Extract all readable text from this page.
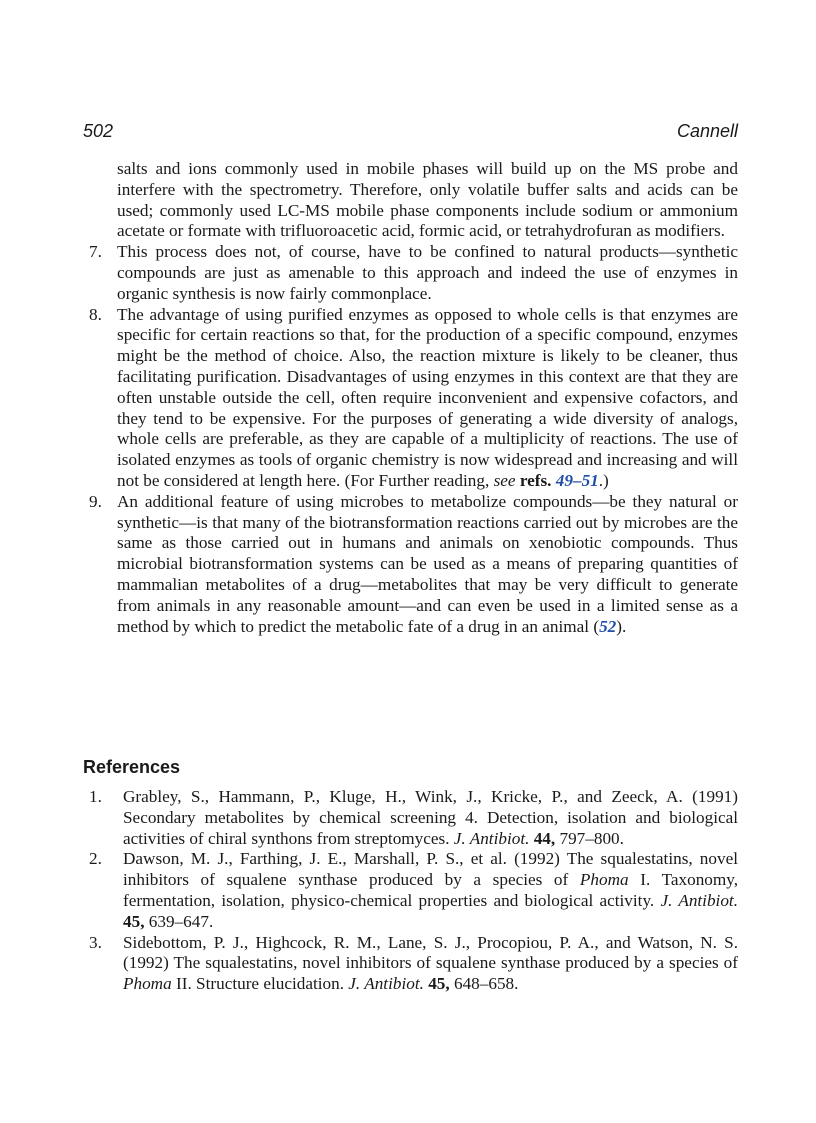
502	Cannell
salts and ions commonly used in mobile phases will build up on the MS probe and interfere with the spectrometry. Therefore, only volatile buffer salts and acids can be used; commonly used LC-MS mobile phase components include sodium or ammonium acetate or formate with trifluoroacetic acid, formic acid, or tetrahydrofuran as modifiers.
7. This process does not, of course, have to be confined to natural products—synthetic compounds are just as amenable to this approach and indeed the use of enzymes in organic synthesis is now fairly commonplace.
8. The advantage of using purified enzymes as opposed to whole cells is that enzymes are specific for certain reactions so that, for the production of a specific compound, enzymes might be the method of choice. Also, the reaction mixture is likely to be cleaner, thus facilitating purification. Disadvantages of using enzymes in this context are that they are often unstable outside the cell, often require inconvenient and expensive cofactors, and they tend to be expensive. For the purposes of generating a wide diversity of analogs, whole cells are preferable, as they are capable of a multiplicity of reactions. The use of isolated enzymes as tools of organic chemistry is now widespread and increasing and will not be considered at length here. (For Further reading, see refs. 49–51.)
9. An additional feature of using microbes to metabolize compounds—be they natural or synthetic—is that many of the biotransformation reactions carried out by microbes are the same as those carried out in humans and animals on xenobiotic compounds. Thus microbial biotransformation systems can be used as a means of preparing quantities of mammalian metabolites of a drug—metabolites that may be very difficult to generate from animals in any reasonable amount—and can even be used in a limited sense as a method by which to predict the metabolic fate of a drug in an animal (52).
References
1. Grabley, S., Hammann, P., Kluge, H., Wink, J., Kricke, P., and Zeeck, A. (1991) Secondary metabolites by chemical screening 4. Detection, isolation and biological activities of chiral synthons from streptomyces. J. Antibiot. 44, 797–800.
2. Dawson, M. J., Farthing, J. E., Marshall, P. S., et al. (1992) The squalestatins, novel inhibitors of squalene synthase produced by a species of Phoma I. Taxonomy, fermentation, isolation, physico-chemical properties and biological activity. J. Antibiot. 45, 639–647.
3. Sidebottom, P. J., Highcock, R. M., Lane, S. J., Procopiou, P. A., and Watson, N. S. (1992) The squalestatins, novel inhibitors of squalene synthase produced by a species of Phoma II. Structure elucidation. J. Antibiot. 45, 648–658.
